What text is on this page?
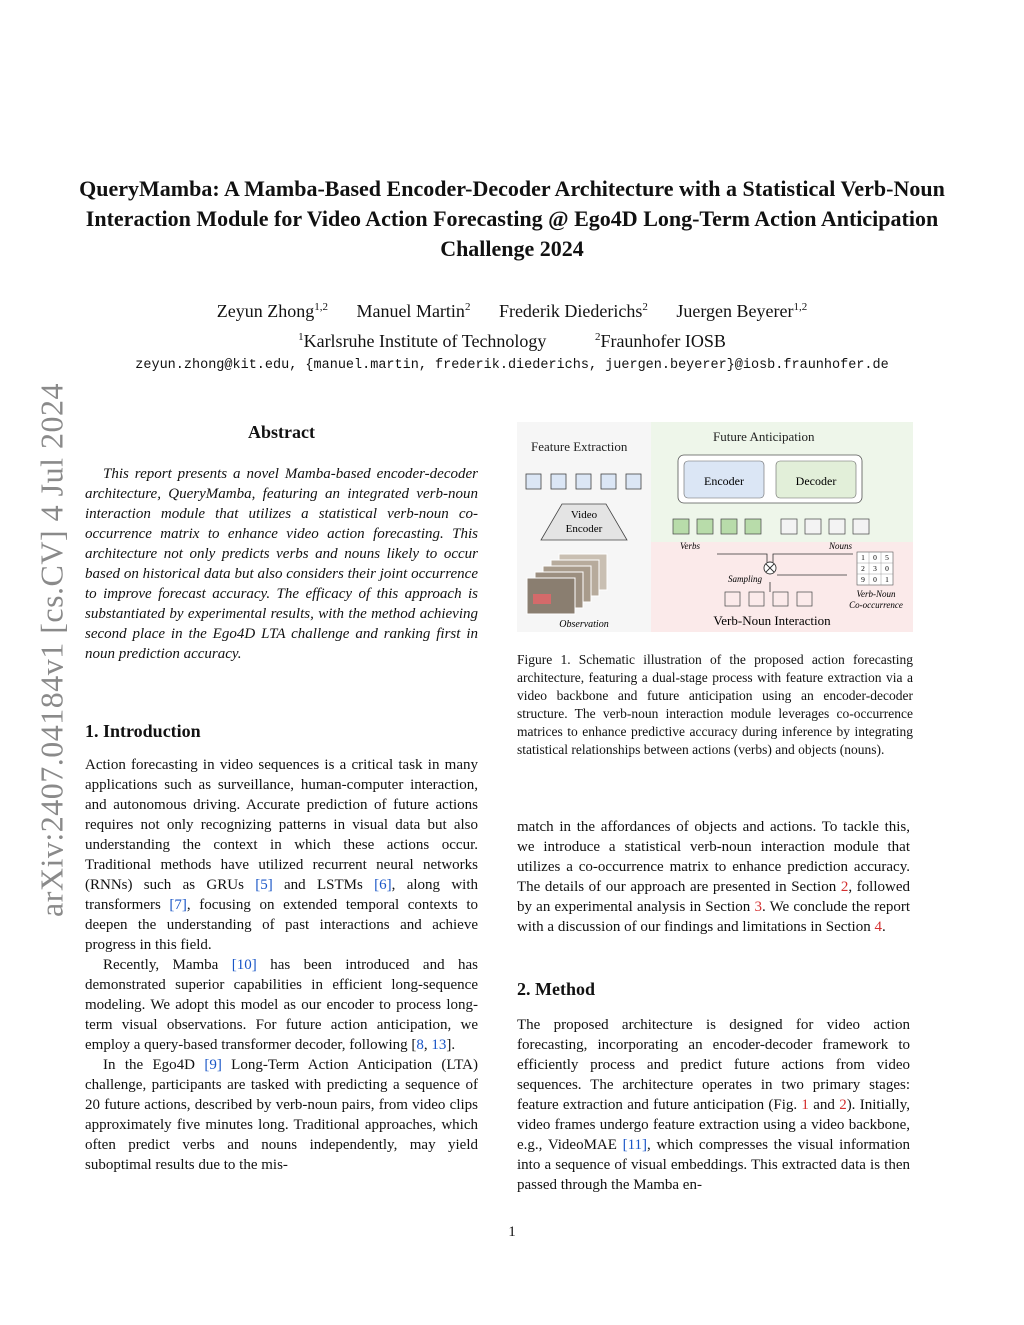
arXiv:2407.04184v1 [cs.CV] 4 Jul 2024
QueryMamba: A Mamba-Based Encoder-Decoder Architecture with a Statistical Verb-Noun Interaction Module for Video Action Forecasting @ Ego4D Long-Term Action Anticipation Challenge 2024
Zeyun Zhong$^{1,2}$ Manuel Martin$^2$ Frederik Diederichs$^2$ Juergen Beyerer$^{1,2}$
$^1$Karlsruhe Institute of Technology	$^2$Fraunhofer IOSB
zeyun.zhong@kit.edu, {manuel.martin, frederik.diederichs, juergen.beyerer}@iosb.fraunhofer.de
Abstract

This report presents a novel Mamba-based encoder-decoder architecture, QueryMamba, featuring an integrated verb-noun interaction module that utilizes a statistical verb-noun co-occurrence matrix to enhance video action forecasting. This architecture not only predicts verbs and nouns likely to occur based on historical data but also considers their joint occurrence to improve forecast accuracy. The efficacy of this approach is substantiated by experimental results, with the method achieving second place in the Ego4D LTA challenge and ranking first in noun prediction accuracy.

1. Introduction

Action forecasting in video sequences is a critical task in many applications such as surveillance, human-computer interaction, and autonomous driving. Accurate prediction of future actions requires not only recognizing patterns in visual data but also understanding the context in which these actions occur. Traditional methods have utilized recurrent neural networks (RNNs) such as GRUs [5] and LSTMs [6], along with transformers [7], focusing on extended temporal contexts to deepen the understanding of past interactions and achieve progress in this field.

Recently, Mamba [10] has been introduced and has demonstrated superior capabilities in efficient long-sequence modeling. We adopt this model as our encoder to process long-term visual observations. For future action anticipation, we employ a query-based transformer decoder, following [8, 13].

In the Ego4D [9] Long-Term Action Anticipation (LTA) challenge, participants are tasked with predicting a sequence of 20 future actions, described by verb-noun pairs, from video clips approximately five minutes long. Traditional approaches, which often predict verbs and nouns independently, may yield suboptimal results due to the mis-

Feature Extraction
Future Anticipation
Video
Encoder
Observation
Encoder	Decoder
Verbs	Nouns
Sampling
Verb-Noun Interaction
1 0 5
2 3 0
9 0 1
Verb-Noun
Co-occurrence
Figure 1. Schematic illustration of the proposed action forecasting architecture, featuring a dual-stage process with feature extraction via a video backbone and future anticipation using an encoder-decoder structure. The verb-noun interaction module leverages co-occurrence matrices to enhance predictive accuracy during inference by integrating statistical relationships between actions (verbs) and objects (nouns).

match in the affordances of objects and actions. To tackle this, we introduce a statistical verb-noun interaction module that utilizes a co-occurrence matrix to enhance prediction accuracy. The details of our approach are presented in Section 2, followed by an experimental analysis in Section 3. We conclude the report with a discussion of our findings and limitations in Section 4.

2. Method

The proposed architecture is designed for video action forecasting, incorporating an encoder-decoder framework to efficiently process and predict future actions from video sequences. The architecture operates in two primary stages: feature extraction and future anticipation (Fig. 1 and 2). Initially, video frames undergo feature extraction using a video backbone, e.g., VideoMAE [11], which compresses the visual information into a sequence of visual embeddings. This extracted data is then passed through the Mamba en-

1
